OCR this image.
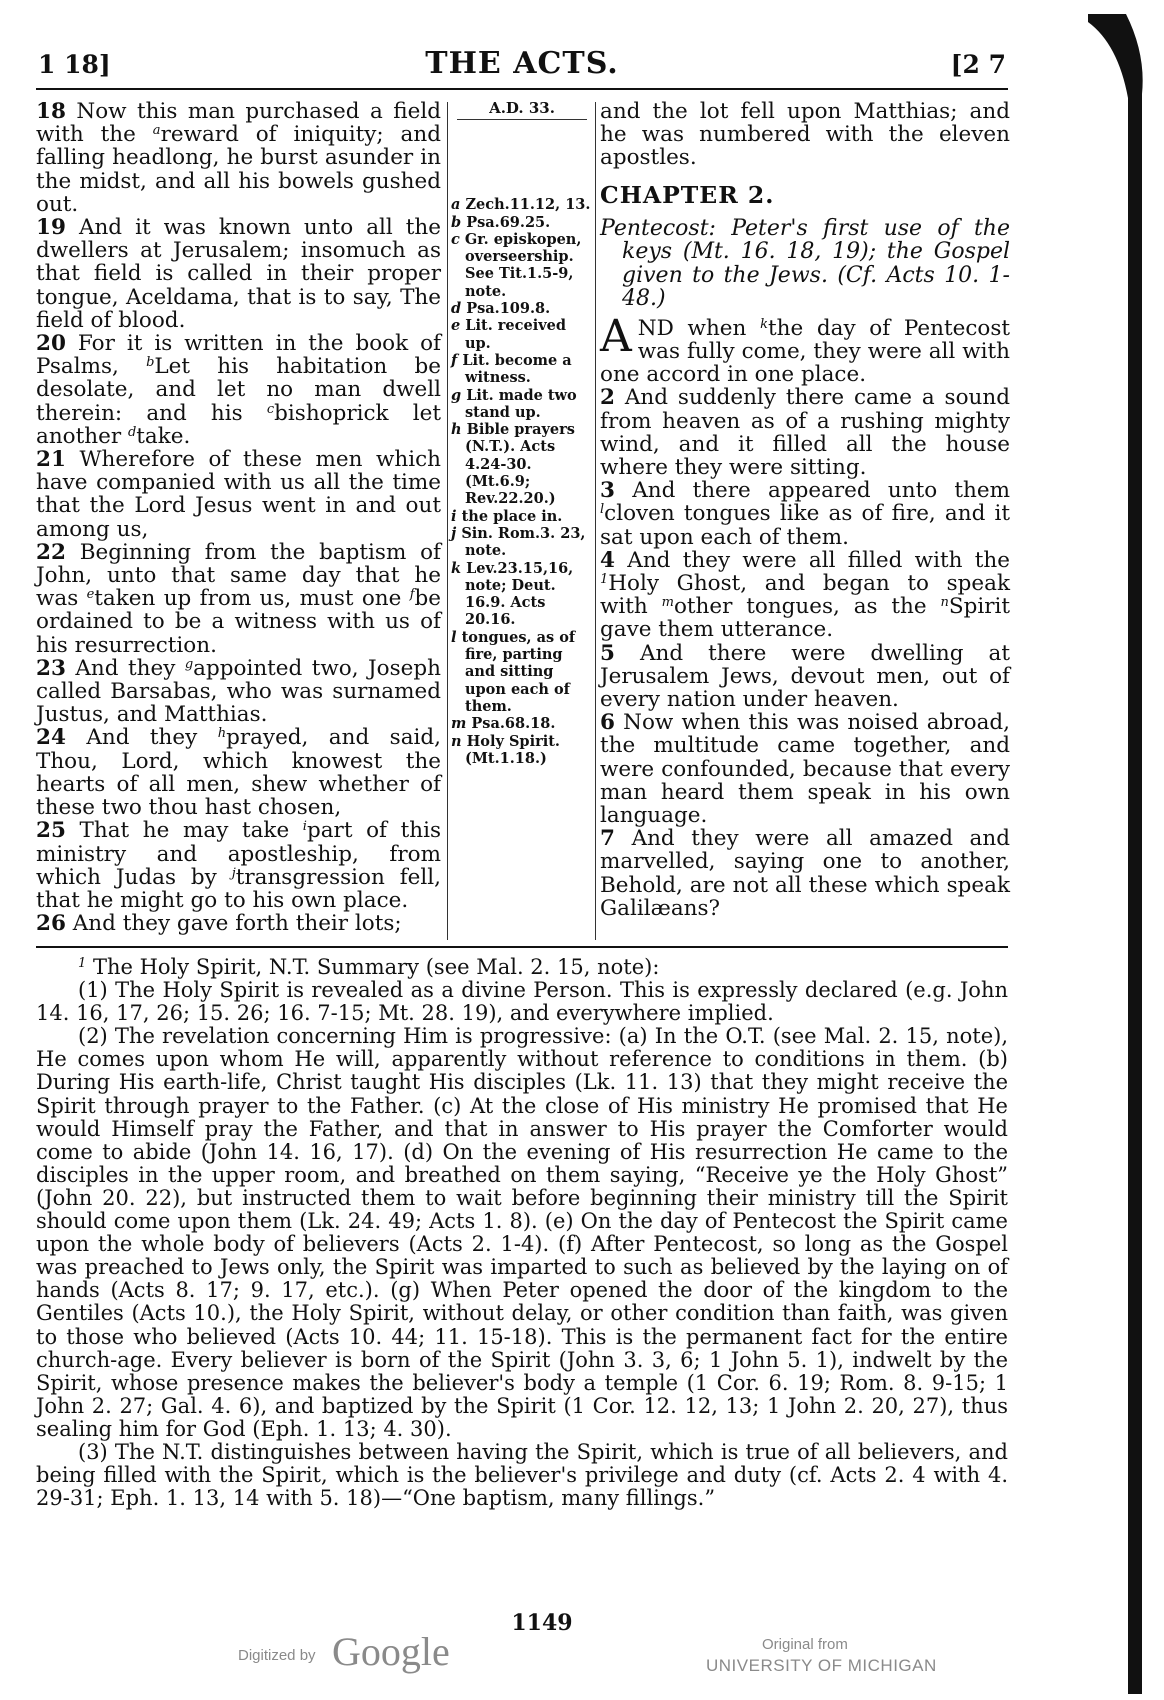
1 18]	THE ACTS.	[2 7

18 Now this man purchased a field with the $^a$reward of iniquity; and falling headlong, he burst asunder in the midst, and all his bowels gushed out.

19 And it was known unto all the dwellers at Jerusalem; insomuch as that field is called in their proper tongue, Aceldama, that is to say, The field of blood.

20 For it is written in the book of Psalms, $^b$Let his habitation be desolate, and let no man dwell therein: and his $^c$bishoprick let another $^d$take.

21 Wherefore of these men which have companied with us all the time that the Lord Jesus went in and out among us,

22 Beginning from the baptism of John, unto that same day that he was $^e$taken up from us, must one $^f$be ordained to be a witness with us of his resurrection.

23 And they $^g$appointed two, Joseph called Barsabas, who was surnamed Justus, and Matthias.

24 And they $^h$prayed, and said, Thou, Lord, which knowest the hearts of all men, shew whether of these two thou hast chosen,

25 That he may take $^i$part of this ministry and apostleship, from which Judas by $^j$transgression fell, that he might go to his own place.

26 And they gave forth their lots;

A.D. 33.
a Zech.11.12, 13.
b Psa.69.25.
c Gr. episkopen, overseership. See Tit.1.5-9, note.
d Psa.109.8.
e Lit. received up.
f Lit. become a witness.
g Lit. made two stand up.
h Bible prayers (N.T.). Acts 4.24-30. (Mt.6.9; Rev.22.20.)
i the place in.
j Sin. Rom.3. 23, note.
k Lev.23.15,16, note; Deut. 16.9. Acts 20.16.
l tongues, as of fire, parting and sitting upon each of them.
m Psa.68.18.
n Holy Spirit. (Mt.1.18.)

and the lot fell upon Matthias; and he was numbered with the eleven apostles.

CHAPTER 2.

Pentecost: Peter's first use of the keys (Mt. 16. 18, 19); the Gospel given to the Jews. (Cf. Acts 10. 1-48.)

AND when $^k$the day of Pentecost was fully come, they were all with one accord in one place.

2 And suddenly there came a sound from heaven as of a rushing mighty wind, and it filled all the house where they were sitting.

3 And there appeared unto them $^l$cloven tongues like as of fire, and it sat upon each of them.

4 And they were all filled with the $^1$Holy Ghost, and began to speak with $^m$other tongues, as the $^n$Spirit gave them utterance.

5 And there were dwelling at Jerusalem Jews, devout men, out of every nation under heaven.

6 Now when this was noised abroad, the multitude came together, and were confounded, because that every man heard them speak in his own language.

7 And they were all amazed and marvelled, saying one to another, Behold, are not all these which speak Galilæans?

$^1$ The Holy Spirit, N.T. Summary (see Mal. 2. 15, note):

(1) The Holy Spirit is revealed as a divine Person. This is expressly declared (e.g. John 14. 16, 17, 26; 15. 26; 16. 7-15; Mt. 28. 19), and everywhere implied.

(2) The revelation concerning Him is progressive: (a) In the O.T. (see Mal. 2. 15, note), He comes upon whom He will, apparently without reference to conditions in them. (b) During His earth-life, Christ taught His disciples (Lk. 11. 13) that they might receive the Spirit through prayer to the Father. (c) At the close of His ministry He promised that He would Himself pray the Father, and that in answer to His prayer the Comforter would come to abide (John 14. 16, 17). (d) On the evening of His resurrection He came to the disciples in the upper room, and breathed on them saying, “Receive ye the Holy Ghost” (John 20. 22), but instructed them to wait before beginning their ministry till the Spirit should come upon them (Lk. 24. 49; Acts 1. 8). (e) On the day of Pentecost the Spirit came upon the whole body of believers (Acts 2. 1-4). (f) After Pentecost, so long as the Gospel was preached to Jews only, the Spirit was imparted to such as believed by the laying on of hands (Acts 8. 17; 9. 17, etc.). (g) When Peter opened the door of the kingdom to the Gentiles (Acts 10.), the Holy Spirit, without delay, or other condition than faith, was given to those who believed (Acts 10. 44; 11. 15-18). This is the permanent fact for the entire church-age. Every believer is born of the Spirit (John 3. 3, 6; 1 John 5. 1), indwelt by the Spirit, whose presence makes the believer's body a temple (1 Cor. 6. 19; Rom. 8. 9-15; 1 John 2. 27; Gal. 4. 6), and baptized by the Spirit (1 Cor. 12. 12, 13; 1 John 2. 20, 27), thus sealing him for God (Eph. 1. 13; 4. 30).

(3) The N.T. distinguishes between having the Spirit, which is true of all believers, and being filled with the Spirit, which is the believer's privilege and duty (cf. Acts 2. 4 with 4. 29-31; Eph. 1. 13, 14 with 5. 18)—“One baptism, many fillings.”

1149
Digitized by Google	Original from
UNIVERSITY OF MICHIGAN
